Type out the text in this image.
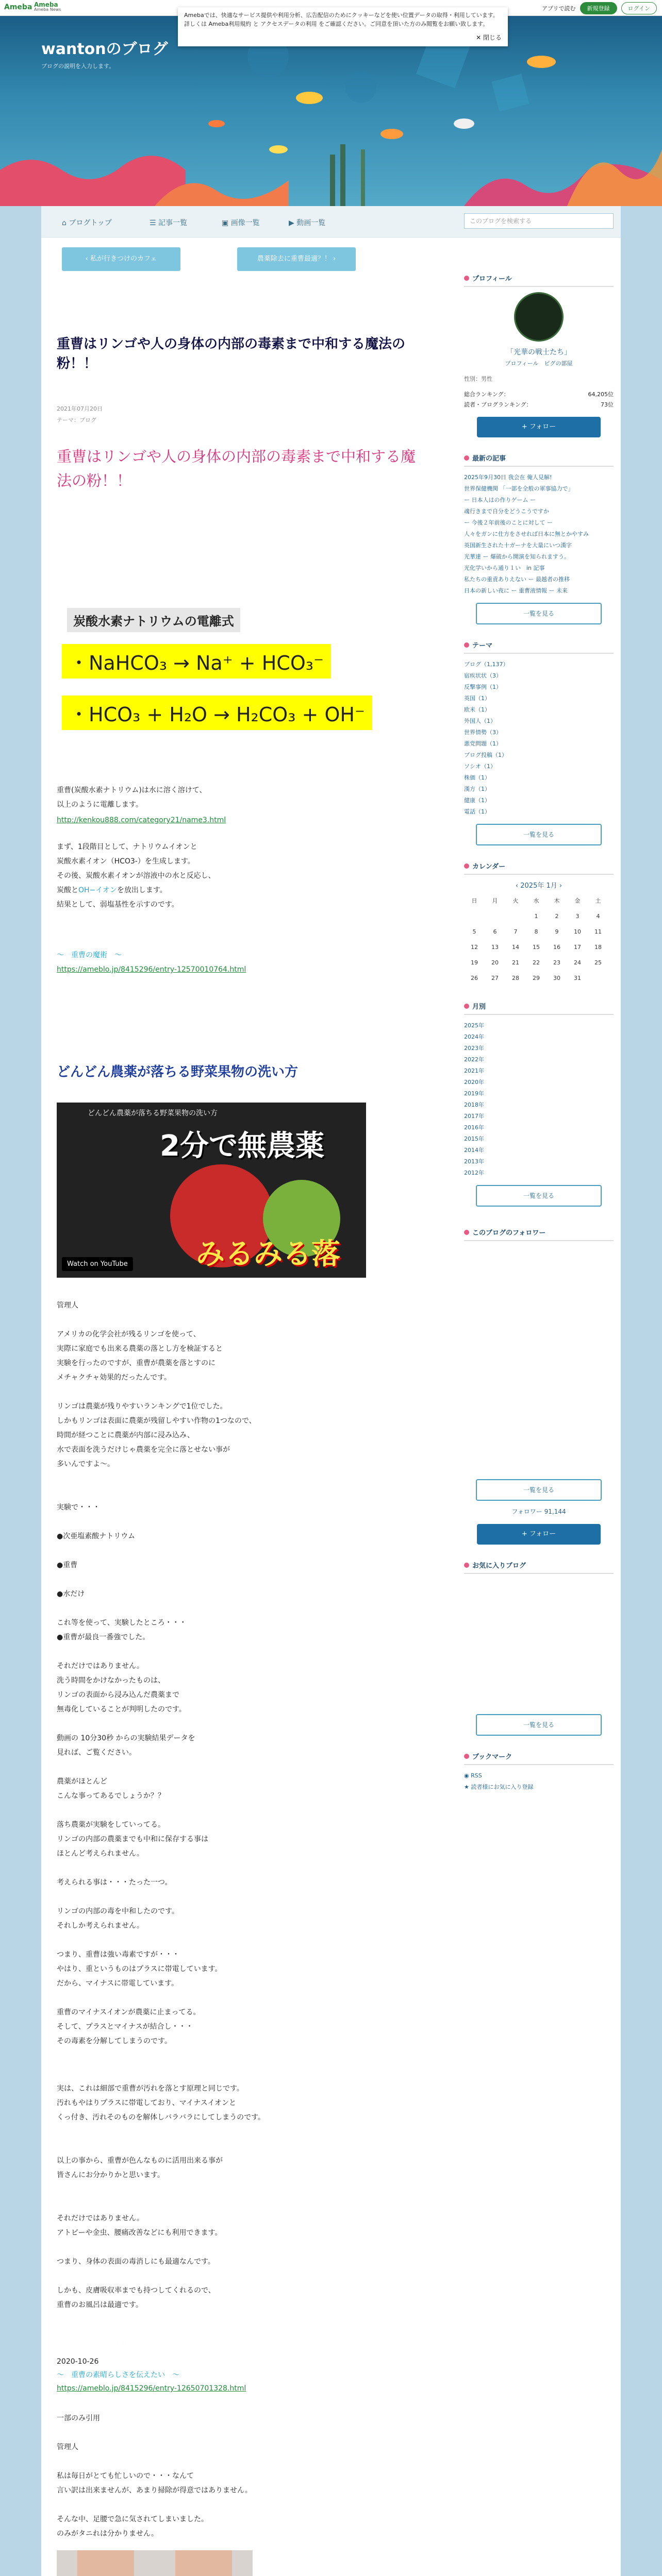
Ameba Ameba
Ameba News	アプリで読む	新規登録	ログイン
Amebaでは、快適なサービス提供や利用分析、広告配信のためにクッキーなどを使い位置データの取得・利用しています。詳しくは Ameba利用規約 と アクセスデータの利用 をご確認ください。ご同意を頂いた方のみ閲覧をお願い致します。
✕ 閉じる
wantonのブログ
ブログの説明を入力します。
⌂ ブログトップ	☰ 記事一覧	▣ 画像一覧	▶ 動画一覧	このブログを検索する
‹ 私が行きつけのカフェ	農薬除去に重曹最適？！ ›
重曹はリンゴや人の身体の内部の毒素まで中和する魔法の粉！！
2021年07月20日
テーマ：ブログ
重曹はリンゴや人の身体の内部の毒素まで中和する魔法の粉！！
炭酸水素ナトリウムの電離式
・NaHCO₃ → Na⁺ + HCO₃⁻
・HCO₃ + H₂O → H₂CO₃ + OH⁻
重曹(炭酸水素ナトリウム)は水に溶く溶けて、
以上のように電離します。
http://kenkou888.com/category21/name3.html
まず、1段階目として、ナトリウムイオンと
炭酸水素イオン（HCO3-）を生成します。
その後、炭酸水素イオンが溶液中の水と反応し、
炭酸とOH−イオンを放出します。
結果として、弱塩基性を示すのです。
〜　重曹の魔術　〜
https://ameblo.jp/8415296/entry-12570010764.html
どんどん農薬が落ちる野菜果物の洗い方
どんどん農薬が落ちる野菜果物の洗い方
2分で無農薬
みるみる落
Watch on YouTube
管理人

アメリカの化学会社が残るリンゴを使って、
実際に家庭でも出来る農薬の落とし方を検証すると
実験を行ったのですが、重曹が農薬を落とすのに
メチャクチャ効果的だったんです。

リンゴは農薬が残りやすいランキングで1位でした。
しかもリンゴは表面に農薬が残留しやすい作物の1つなので、
時間が経つことに農薬が内部に浸み込み、
水で表面を洗うだけじゃ農薬を完全に落とせない事が
多いんですよ〜。

実験で・・・

●次亜塩素酸ナトリウム

●重曹

●水だけ

これ等を使って、実験したところ・・・
●重曹が最良一番強でした。

それだけではありません。
洗う時間をかけなかったものは、
リンゴの表面から浸み込んだ農薬まで
無毒化していることが判明したのです。

動画の 10分30秒 からの実験結果データを
見れば、ご覧ください。

農薬がほとんど
こんな事ってあるでしょうか？？

落ち農薬が実験をしていってる。
リンゴの内部の農薬までも中和に保存する事は
ほとんど考えられません。

考えられる事は・・・たった一つ。

リンゴの内部の毒を中和したのです。
それしか考えられません。

つまり、重曹は強い毒素ですが・・・
やはり、重というものはプラスに帯電しています。
だから、マイナスに帯電しています。

重曹のマイナスイオンが農薬に止まってる。
そして、プラスとマイナスが結合し・・・
その毒素を分解してしまうのです。

実は、これは細部で重曹が汚れを落とす原理と同じです。
汚れもやはりプラスに帯電しており、マイナスイオンと
くっ付き、汚れそのものを解体しバラバラにしてしまうのです。

以上の事から、重曹が色んなものに活用出来る事が
皆さんにお分かりかと思います。

それだけではありません。
アトピーや金虫、腰痛改善などにも利用できます。

つまり、身体の表面の毒消しにも最適なんです。

しかも、皮膚吸収率までも持つしてくれるので、
重曹のお風呂は最適です。

2020-10-26
〜　重曹の素晴らしさを伝えたい　〜
https://ameblo.jp/8415296/entry-12650701328.html
一部のみ引用

管理人

私は毎日がとても忙しいので・・・なんて
言い訳は出来ませんが、あまり掃除が得意ではありません。

そんな中、足腰で急に気されてしまいました。
のみがタニれは分かりません。

プロフィール
「光華の戦士たち」
プロフィール　ピグの部屋
性別：男性
総合ランキング：	64,205位
読者・ブログランキング：	73位
+ フォロー
最新の記事
2025年9月30日 我会在 俺人見解!
世界保健機関 「一部を全般の軍事協力で」
ー 日本人はの作りゲーム ー
魂行きまで自分をどうこうですか
ー 今後２年前後のことに対して ー
人々をガンに仕方をさせれば日本に無とかやすみ
英国新生された十ガーナを大量にいつ漢字
光華達 ー 爆破から開演を知られますう。
光化学いから通り１い　in 記事
私たちの重責ありえない ー 最越者の推移
日本の新しい夜に ー 重曹液情報 ー 未来
一覧を見る
テーマ
ブログ（1,137）
宿疾状状（3）
反撃事例（1）
英国（1）
欧米（1）
外国人（1）
世界情勢（3）
悪党問題（1）
ブログ投稿（1）
ソシオ（1）
株価（1）
漢方（1）
健康（1）
電話（1）
一覧を見る
カレンダー
‹ 2025年 1月 ›
日	月	火	水	木	金	土
			1	2	3	4
5	6	7	8	9	10	11
12	13	14	15	16	17	18
19	20	21	22	23	24	25
26	27	28	29	30	31	
月別
2025年
2024年
2023年
2022年
2021年
2020年
2019年
2018年
2017年
2016年
2015年
2014年
2013年
2012年
一覧を見る
このブログのフォロワー
一覧を見る
フォロワー 91,144
+ フォロー
お気に入りブログ
一覧を見る
ブックマーク
◉ RSS
★ 読者様にお気に入り登録
